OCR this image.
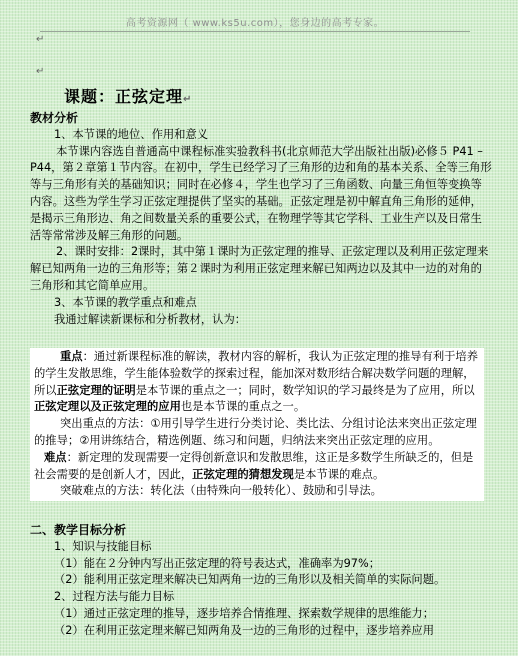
高考资源网（ www.ks5u.com），您身边的高考专家。
↵
↵
课题：正弦定理↵
教材分析
1、本节课的地位、作用和意义
本节课内容选自普通高中课程标准实验教科书(北京师范大学出版社出版)必修５ P41 – P44，第２章第１节内容。在初中，学生已经学习了三角形的边和角的基本关系、全等三角形等与三角形有关的基础知识；同时在必修４，学生也学习了三角函数、向量三角恒等变换等内容。这些为学生学习正弦定理提供了坚实的基础。正弦定理是初中解直角三角形的延伸，是揭示三角形边、角之间数量关系的重要公式，在物理学等其它学科、工业生产以及日常生活等常常涉及解三角形的问题。
2、课时安排：2课时，其中第１课时为正弦定理的推导、正弦定理以及利用正弦定理来解已知两角一边的三角形等；第２课时为利用正弦定理来解已知两边以及其中一边的对角的三角形和其它简单应用。
3、本节课的教学重点和难点
我通过解读新课标和分析教材，认为：

重点：通过新课程标准的解读，教材内容的解析，我认为正弦定理的推导有利于培养的学生发散思维，学生能体验数学的探索过程，能加深对数形结合解决数学问题的理解，所以正弦定理的证明是本节课的重点之一；同时，数学知识的学习最终是为了应用，所以正弦定理以及正弦定理的应用也是本节课的重点之一。

突出重点的方法：①用引导学生进行分类讨论、类比法、分组讨论法来突出正弦定理的推导；②用讲练结合，精选例题、练习和问题，归纳法来突出正弦定理的应用。

难点：新定理的发现需要一定得创新意识和发散思维，这正是多数学生所缺乏的，但是社会需要的是创新人才，因此，正弦定理的猜想发现是本节课的难点。

突破难点的方法：转化法（由特殊向一般转化）、鼓励和引导法。

二、教学目标分析
1、知识与技能目标
（1）能在２分钟内写出正弦定理的符号表达式，准确率为97%；
（2）能利用正弦定理来解决已知两角一边的三角形以及相关简单的实际问题。
2、过程方法与能力目标
（1）通过正弦定理的推导，逐步培养合情推理、探索数学规律的思维能力；
（2）在利用正弦定理来解已知两角及一边的三角形的过程中，逐步培养应用
